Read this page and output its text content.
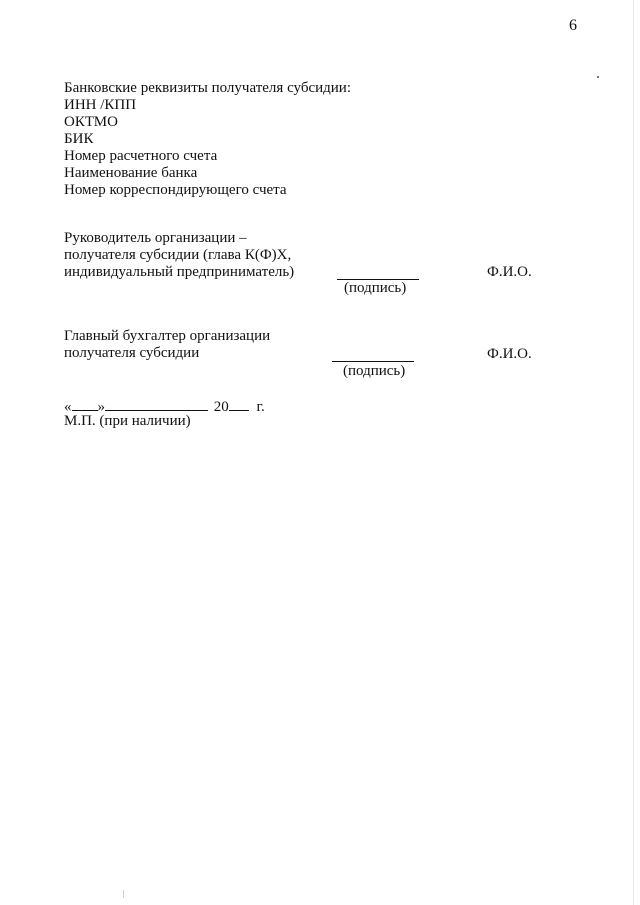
6
Банковские реквизиты получателя субсидии:
ИНН /КПП
ОКТМО
БИК
Номер расчетного счета
Наименование банка
Номер корреспондирующего счета
Руководитель организации –
получателя субсидии (глава К(Ф)Х,
индивидуальный предприниматель)
(подпись)
Ф.И.О.
Главный бухгалтер организации
получателя субсидии
(подпись)
Ф.И.О.
« »	20 г.
М.П. (при наличии)
